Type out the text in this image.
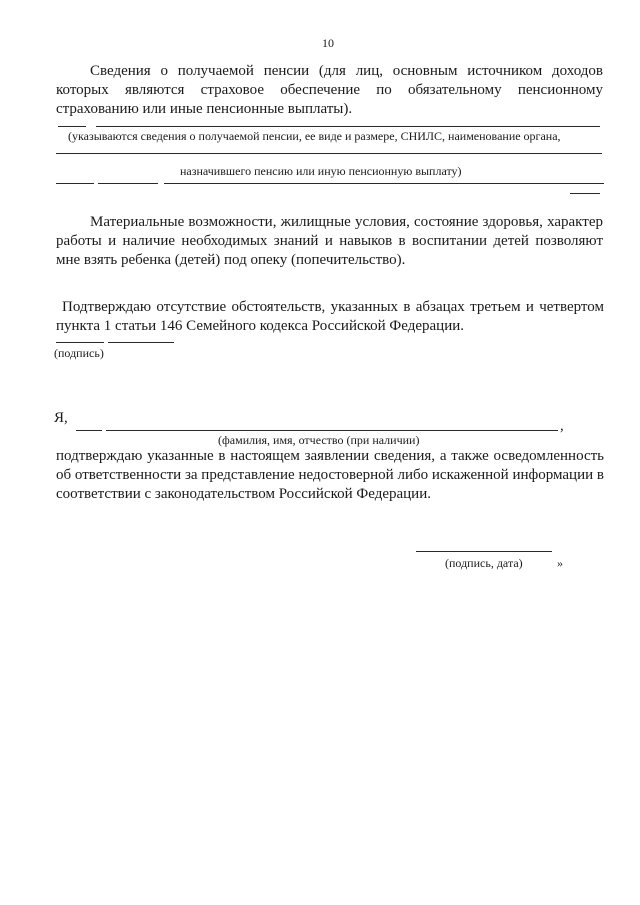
10
Сведения о получаемой пенсии (для лиц, основным источником доходов которых являются страховое обеспечение по обязательному пенсионному страхованию или иные пенсионные выплаты).
(указываются сведения о получаемой пенсии, ее виде и размере, СНИЛС, наименование органа,
назначившего пенсию или иную пенсионную выплату)
Материальные возможности, жилищные условия, состояние здоровья, характер работы и наличие необходимых знаний и навыков в воспитании детей позволяют мне взять ребенка (детей) под опеку (попечительство).
Подтверждаю отсутствие обстоятельств, указанных в абзацах третьем и четвертом пункта 1 статьи 146 Семейного кодекса Российской Федерации.
(подпись)
Я,	,
(фамилия, имя, отчество (при наличии)
подтверждаю указанные в настоящем заявлении сведения, а также осведомленность об ответственности за представление недостоверной либо искаженной информации в соответствии с законодательством Российской Федерации.
(подпись, дата)	»
